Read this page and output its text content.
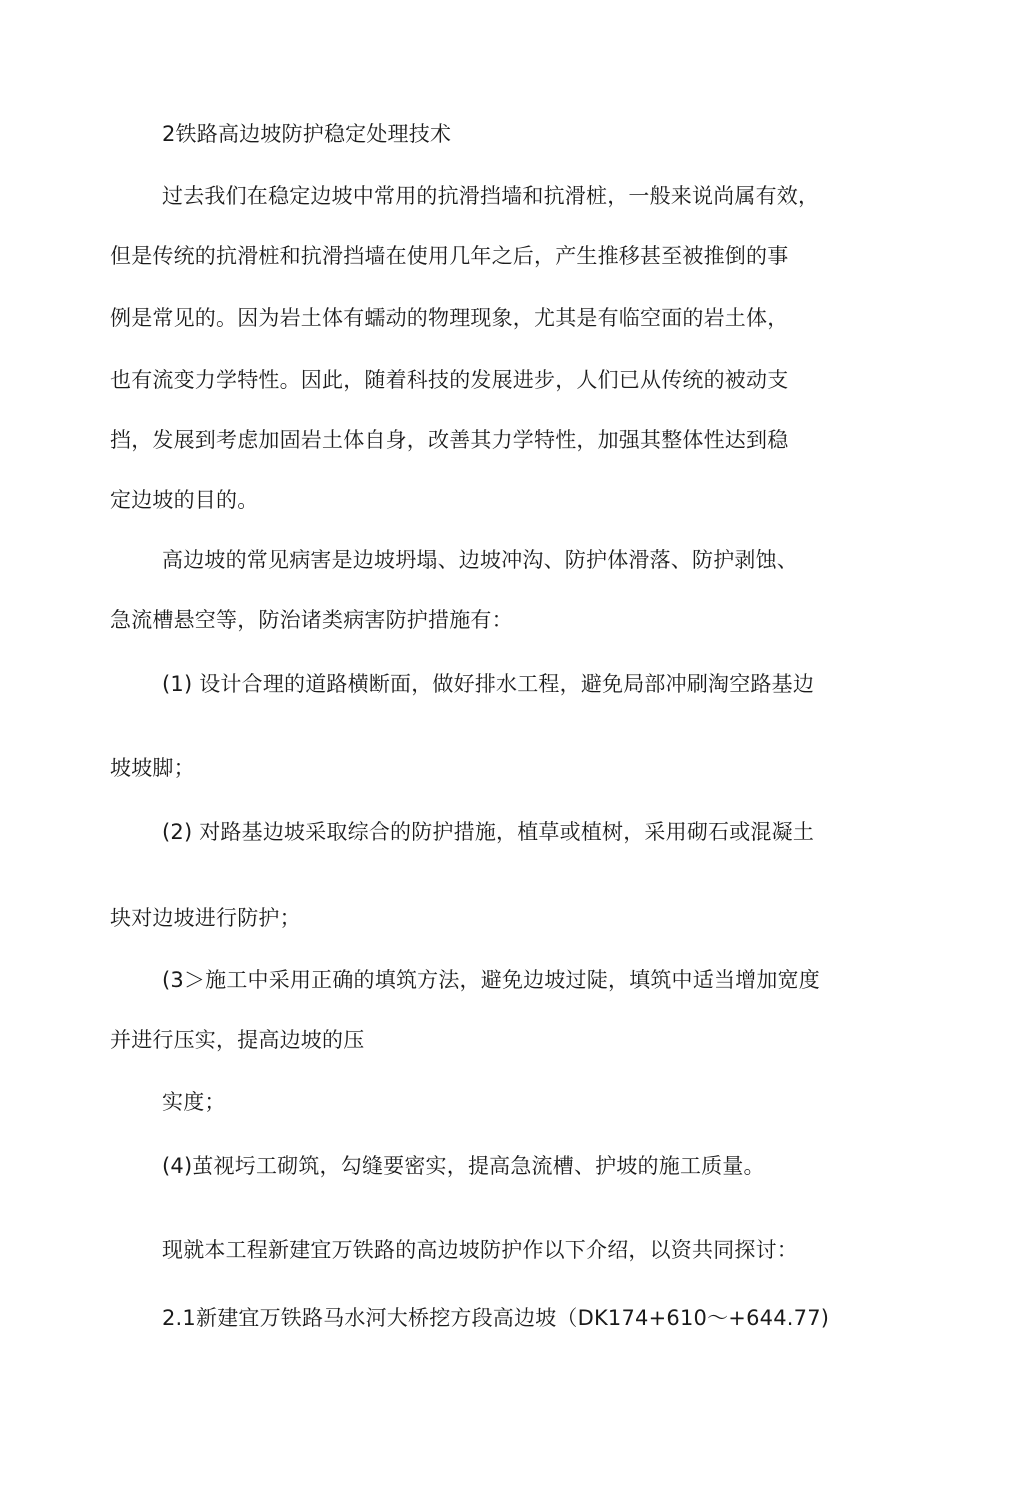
2铁路高边坡防护稳定处理技术
过去我们在稳定边坡中常用的抗滑挡墙和抗滑桩，一般来说尚属有效，
但是传统的抗滑桩和抗滑挡墙在使用几年之后，产生推移甚至被推倒的事
例是常见的。因为岩土体有蠕动的物理现象，尤其是有临空面的岩土体，
也有流变力学特性。因此，随着科技的发展进步，人们已从传统的被动支
挡，发展到考虑加固岩土体自身，改善其力学特性，加强其整体性达到稳
定边坡的目的。
高边坡的常见病害是边坡坍塌、边坡冲沟、防护体滑落、防护剥蚀、
急流槽悬空等，防治诸类病害防护措施有：
(1) 设计合理的道路横断面，做好排水工程，避免局部冲刷淘空路基边
坡坡脚；
(2) 对路基边坡采取综合的防护措施，植草或植树，采用砌石或混凝土
块对边坡进行防护；
(3＞施工中采用正确的填筑方法，避免边坡过陡，填筑中适当增加宽度
并进行压实，提高边坡的压
实度；
(4)茧视圬工砌筑，勾缝要密实，提高急流槽、护坡的施工质量。
现就本工程新建宜万铁路的高边坡防护作以下介绍，以资共同探讨：
2.1新建宜万铁路马水河大桥挖方段高边坡（DK174+610～+644.77)
